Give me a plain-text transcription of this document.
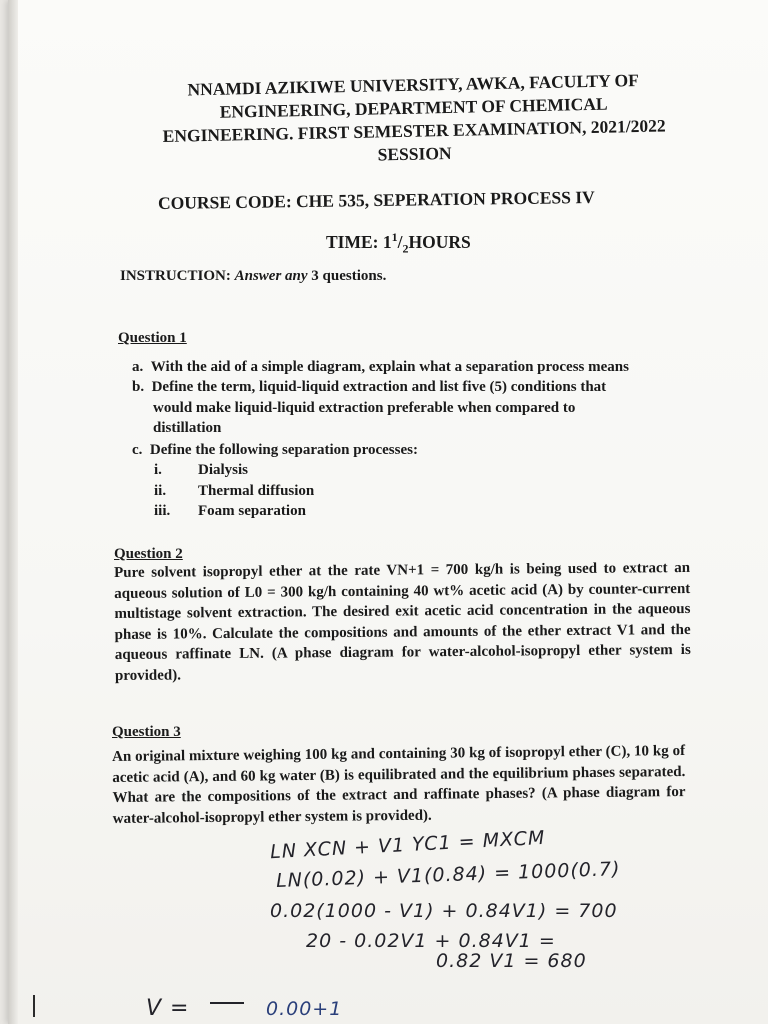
NNAMDI AZIKIWE UNIVERSITY, AWKA, FACULTY OF
ENGINEERING, DEPARTMENT OF CHEMICAL
ENGINEERING. FIRST SEMESTER EXAMINATION, 2021/2022
SESSION
COURSE CODE: CHE 535, SEPERATION PROCESS IV
TIME: $1^1/_2HOURS$
INSTRUCTION: Answer any 3 questions.
Question 1
a. With the aid of a simple diagram, explain what a separation process means
b. Define the term, liquid-liquid extraction and list five (5) conditions that
would make liquid-liquid extraction preferable when compared to
distillation
c. Define the following separation processes:
i. Dialysis
ii. Thermal diffusion
iii. Foam separation
Question 2
Pure solvent isopropyl ether at the rate VN+1 = 700 kg/h is being used to extract an aqueous solution of L0 = 300 kg/h containing 40 wt% acetic acid (A) by counter-current multistage solvent extraction. The desired exit acetic acid concentration in the aqueous phase is 10%. Calculate the compositions and amounts of the ether extract V1 and the aqueous raffinate LN. (A phase diagram for water-alcohol-isopropyl ether system is provided).
Question 3
An original mixture weighing 100 kg and containing 30 kg of isopropyl ether (C), 10 kg of acetic acid (A), and 60 kg water (B) is equilibrated and the equilibrium phases separated. What are the compositions of the extract and raffinate phases? (A phase diagram for water-alcohol-isopropyl ether system is provided).
LN XCN + V1 YC1 = MXCM
LN(0.02) + V1(0.84) = 1000(0.7)
0.02(1000 - V1) + 0.84V1) = 700
20 - 0.02V1 + 0.84V1 =
0.82 V1 = 680
V =	0.00+1
